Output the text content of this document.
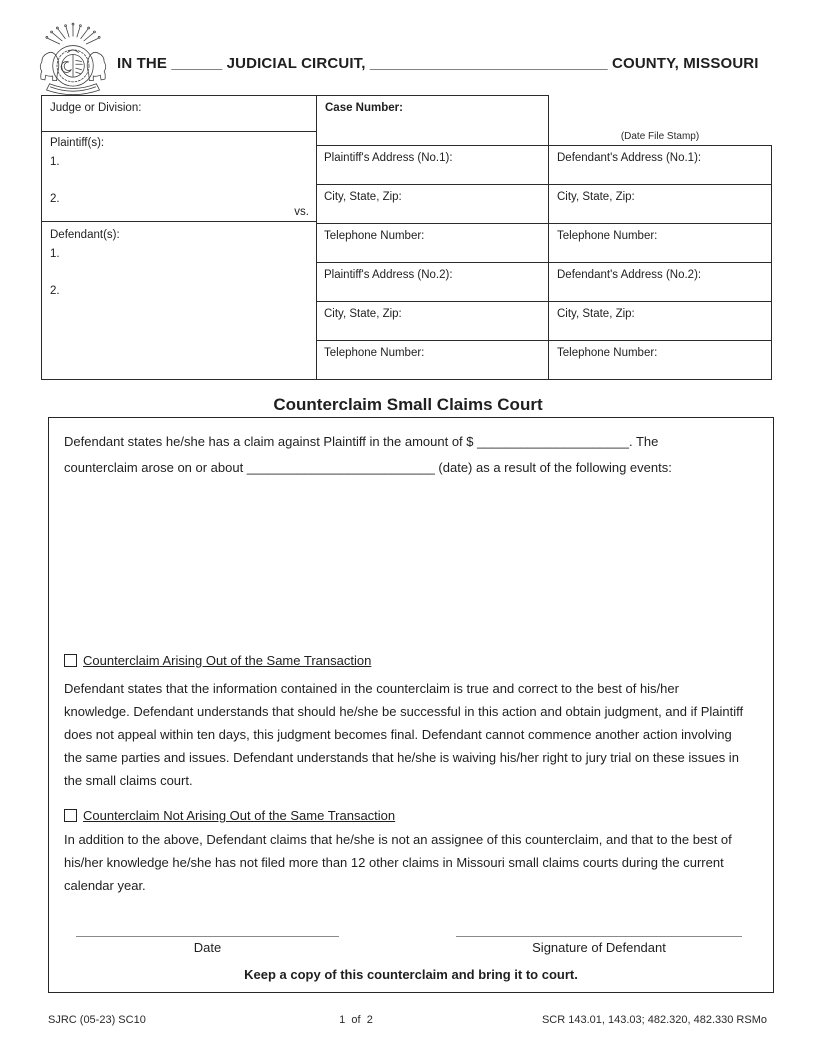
IN THE ______ JUDICIAL CIRCUIT, ____________________________ COUNTY, MISSOURI
Judge or Division:
Plaintiff(s):
1.

2.
vs.
Defendant(s):
1.

2.
Case Number:
(Date File Stamp)
Plaintiff's Address (No.1):	Defendant's Address (No.1):
City, State, Zip:	City, State, Zip:
Telephone Number:	Telephone Number:
Plaintiff's Address (No.2):	Defendant's Address (No.2):
City, State, Zip:	City, State, Zip:
Telephone Number:	Telephone Number:
Counterclaim Small Claims Court
Defendant states he/she has a claim against Plaintiff in the amount of $ _____________________. The
counterclaim arose on or about __________________________ (date) as a result of the following events:
Counterclaim Arising Out of the Same Transaction
Defendant states that the information contained in the counterclaim is true and correct to the best of his/her
knowledge. Defendant understands that should he/she be successful in this action and obtain judgment, and if Plaintiff
does not appeal within ten days, this judgment becomes final. Defendant cannot commence another action involving
the same parties and issues. Defendant understands that he/she is waiving his/her right to jury trial on these issues in
the small claims court.
Counterclaim Not Arising Out of the Same Transaction
In addition to the above, Defendant claims that he/she is not an assignee of this counterclaim, and that to the best of
his/her knowledge he/she has not filed more than 12 other claims in Missouri small claims courts during the current
calendar year.
Date	Signature of Defendant
Keep a copy of this counterclaim and bring it to court.
SJRC (05-23) SC10	1  of  2	SCR 143.01, 143.03; 482.320, 482.330 RSMo
